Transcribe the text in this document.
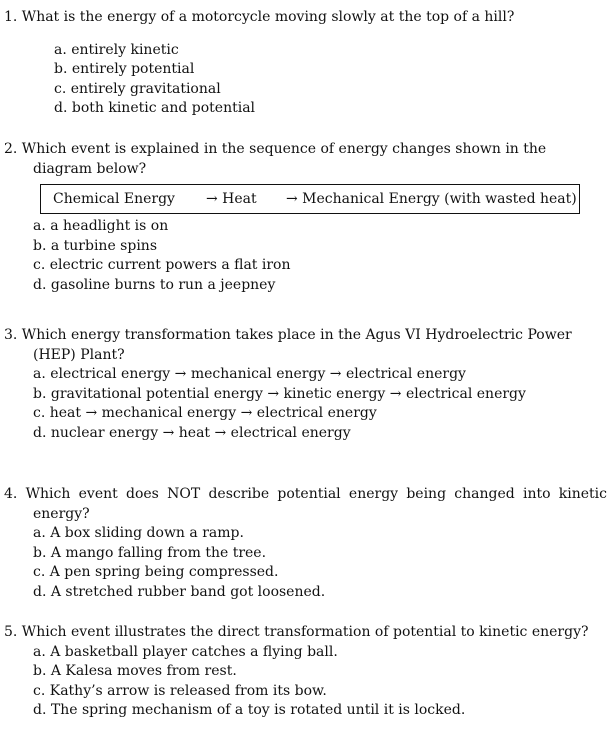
1. What is the energy of a motorcycle moving slowly at the top of a hill?
a. entirely kinetic
b. entirely potential
c. entirely gravitational
d. both kinetic and potential
2. Which event is explained in the sequence of energy changes shown in the diagram below?
Chemical Energy → Heat → Mechanical Energy (with wasted heat)
a. a headlight is on
b. a turbine spins
c. electric current powers a flat iron
d. gasoline burns to run a jeepney
3. Which energy transformation takes place in the Agus VI Hydroelectric Power (HEP) Plant?
a. electrical energy → mechanical energy → electrical energy
b. gravitational potential energy → kinetic energy → electrical energy
c. heat → mechanical energy → electrical energy
d. nuclear energy → heat → electrical energy
4. Which event does NOT describe potential energy being changed into kinetic energy?
a. A box sliding down a ramp.
b. A mango falling from the tree.
c. A pen spring being compressed.
d. A stretched rubber band got loosened.
5. Which event illustrates the direct transformation of potential to kinetic energy?
a. A basketball player catches a flying ball.
b. A Kalesa moves from rest.
c. Kathy’s arrow is released from its bow.
d. The spring mechanism of a toy is rotated until it is locked.
